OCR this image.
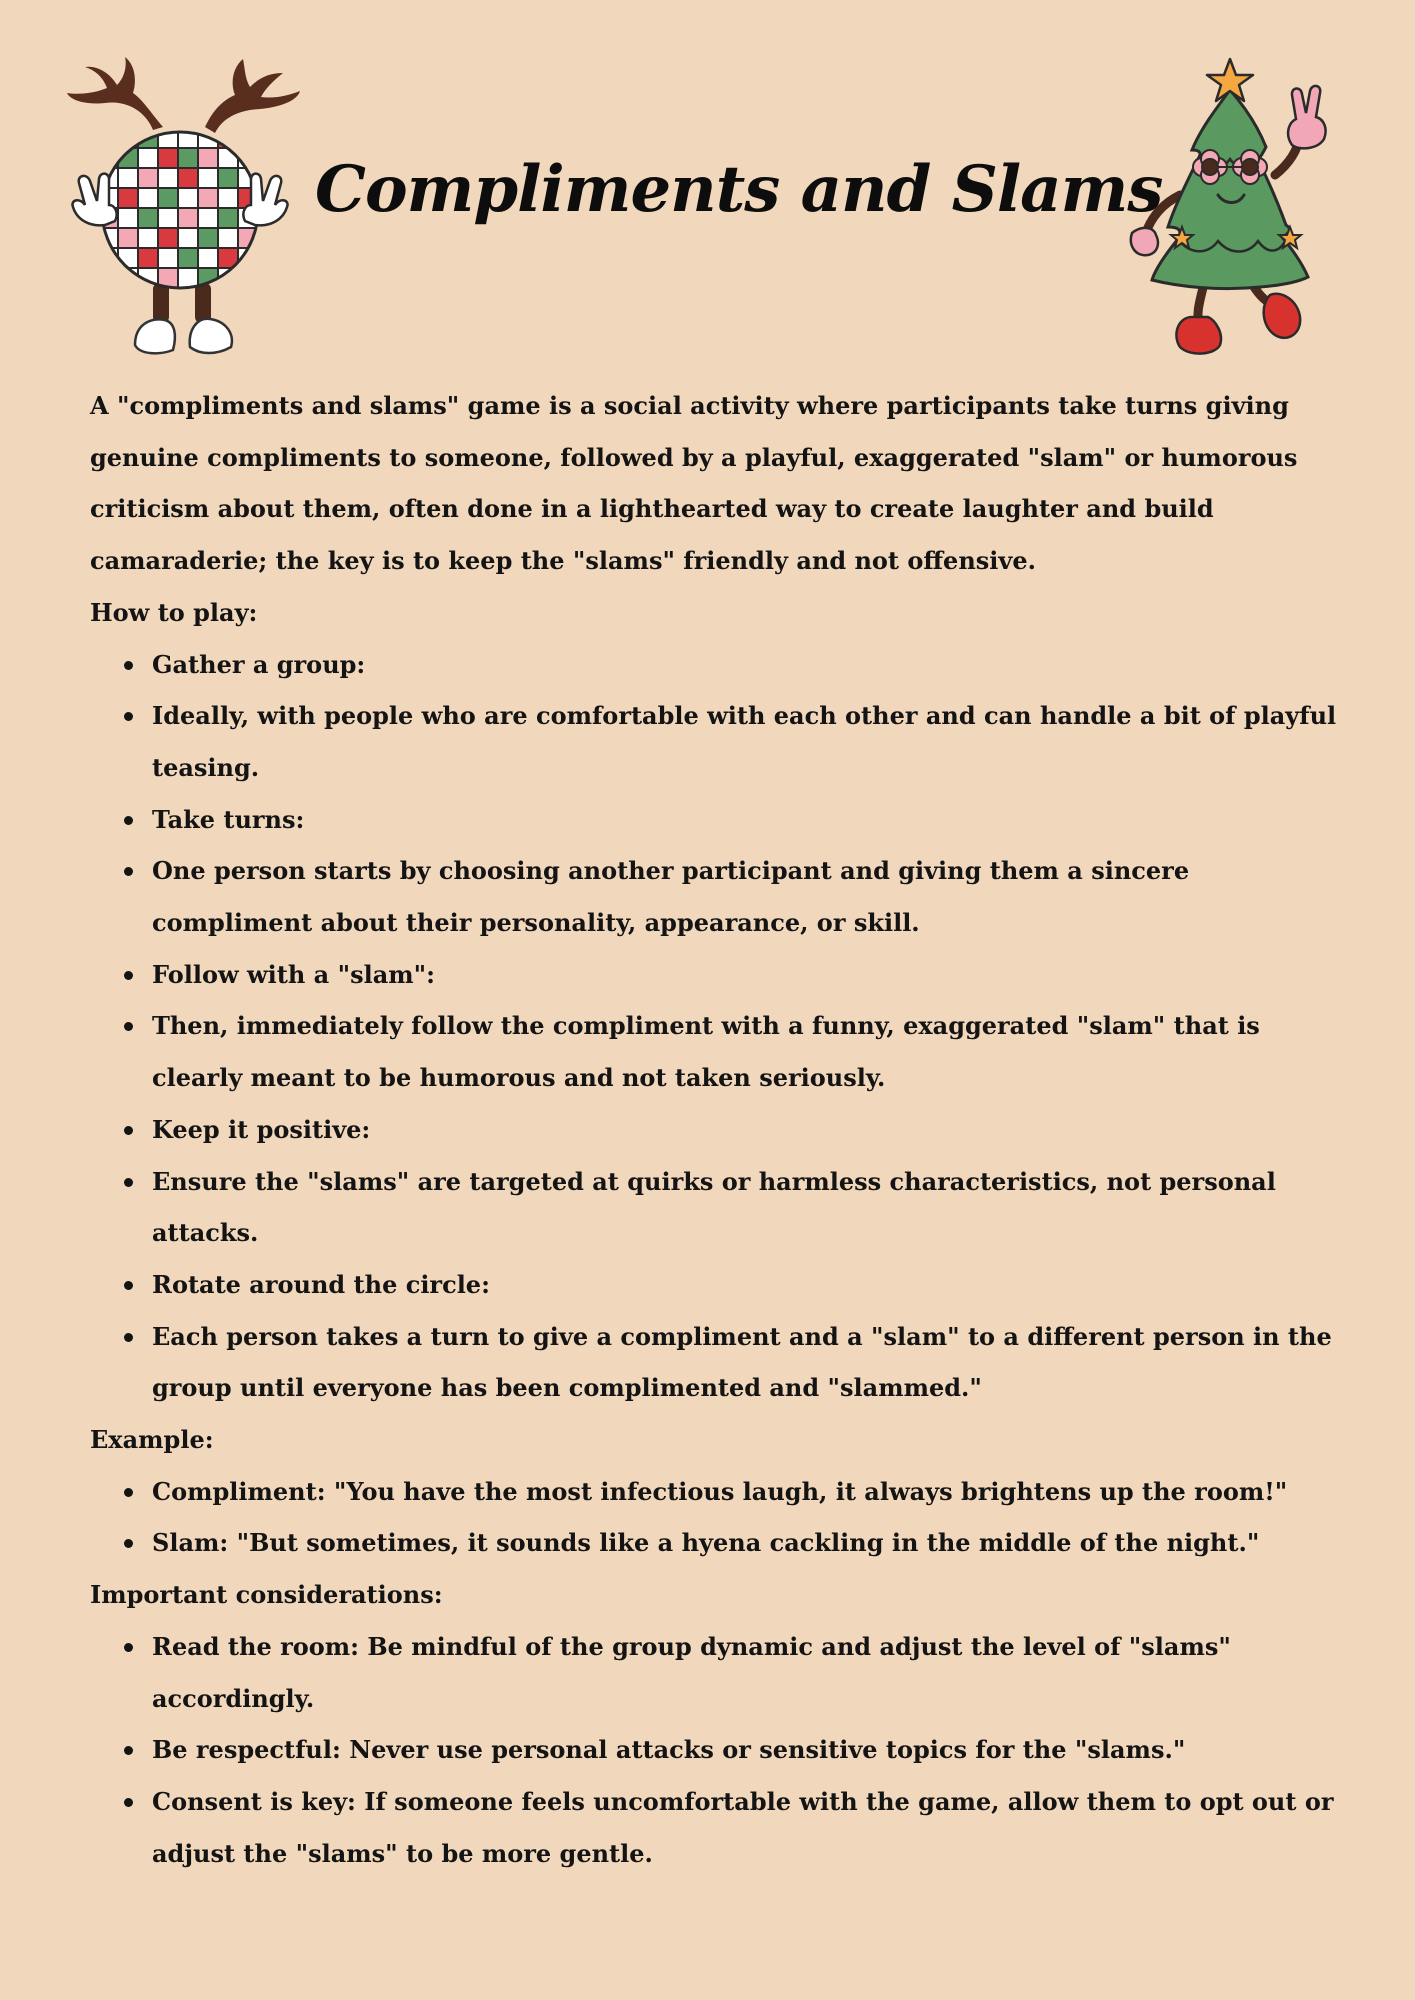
Compliments and Slams

A "compliments and slams" game is a social activity where participants take turns giving genuine compliments to someone, followed by a playful, exaggerated "slam" or humorous criticism about them, often done in a lighthearted way to create laughter and build camaraderie; the key is to keep the "slams" friendly and not offensive.

How to play:

Gather a group:
Ideally, with people who are comfortable with each other and can handle a bit of playful teasing.
Take turns:
One person starts by choosing another participant and giving them a sincere compliment about their personality, appearance, or skill.
Follow with a "slam":
Then, immediately follow the compliment with a funny, exaggerated "slam" that is clearly meant to be humorous and not taken seriously.
Keep it positive:
Ensure the "slams" are targeted at quirks or harmless characteristics, not personal attacks.
Rotate around the circle:
Each person takes a turn to give a compliment and a "slam" to a different person in the group until everyone has been complimented and "slammed."

Example:

Compliment: "You have the most infectious laugh, it always brightens up the room!"
Slam: "But sometimes, it sounds like a hyena cackling in the middle of the night."

Important considerations:

Read the room: Be mindful of the group dynamic and adjust the level of "slams" accordingly.
Be respectful: Never use personal attacks or sensitive topics for the "slams."
Consent is key: If someone feels uncomfortable with the game, allow them to opt out or adjust the "slams" to be more gentle.
